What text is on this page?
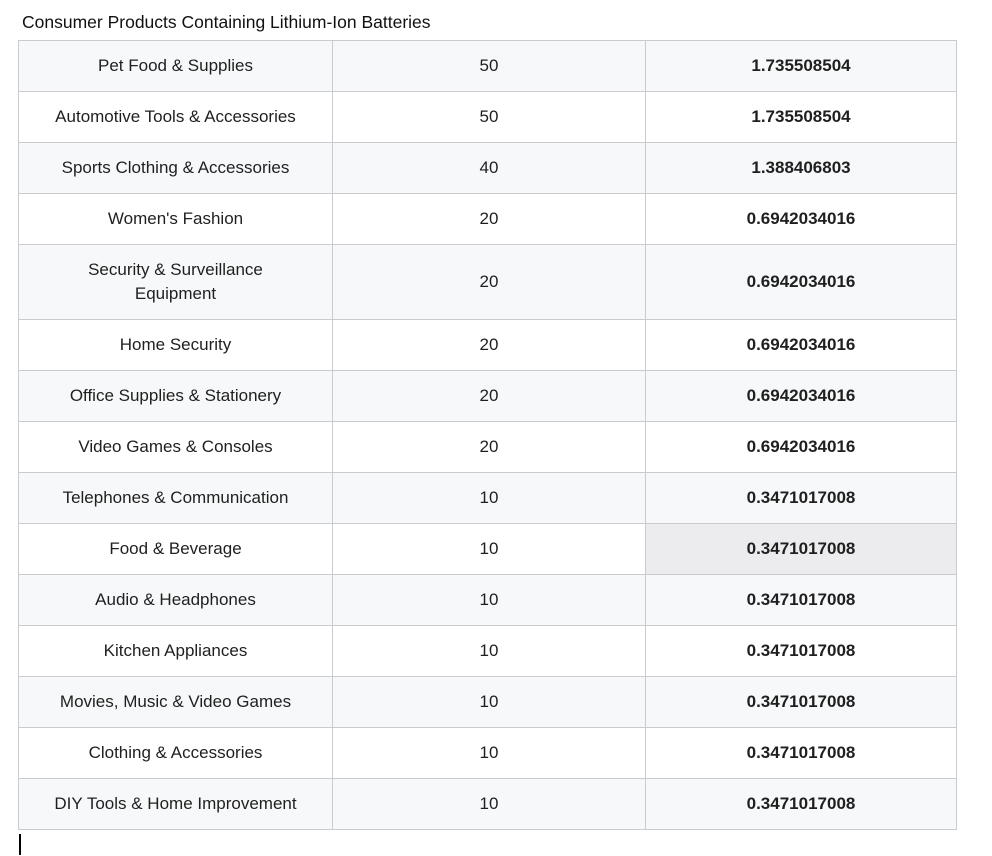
Consumer Products Containing Lithium-Ion Batteries
Pet Food & Supplies	50	1.735508504
Automotive Tools & Accessories	50	1.735508504
Sports Clothing & Accessories	40	1.388406803
Women's Fashion	20	0.6942034016
Security & Surveillance Equipment	20	0.6942034016
Home Security	20	0.6942034016
Office Supplies & Stationery	20	0.6942034016
Video Games & Consoles	20	0.6942034016
Telephones & Communication	10	0.3471017008
Food & Beverage	10	0.3471017008
Audio & Headphones	10	0.3471017008
Kitchen Appliances	10	0.3471017008
Movies, Music & Video Games	10	0.3471017008
Clothing & Accessories	10	0.3471017008
DIY Tools & Home Improvement	10	0.3471017008
